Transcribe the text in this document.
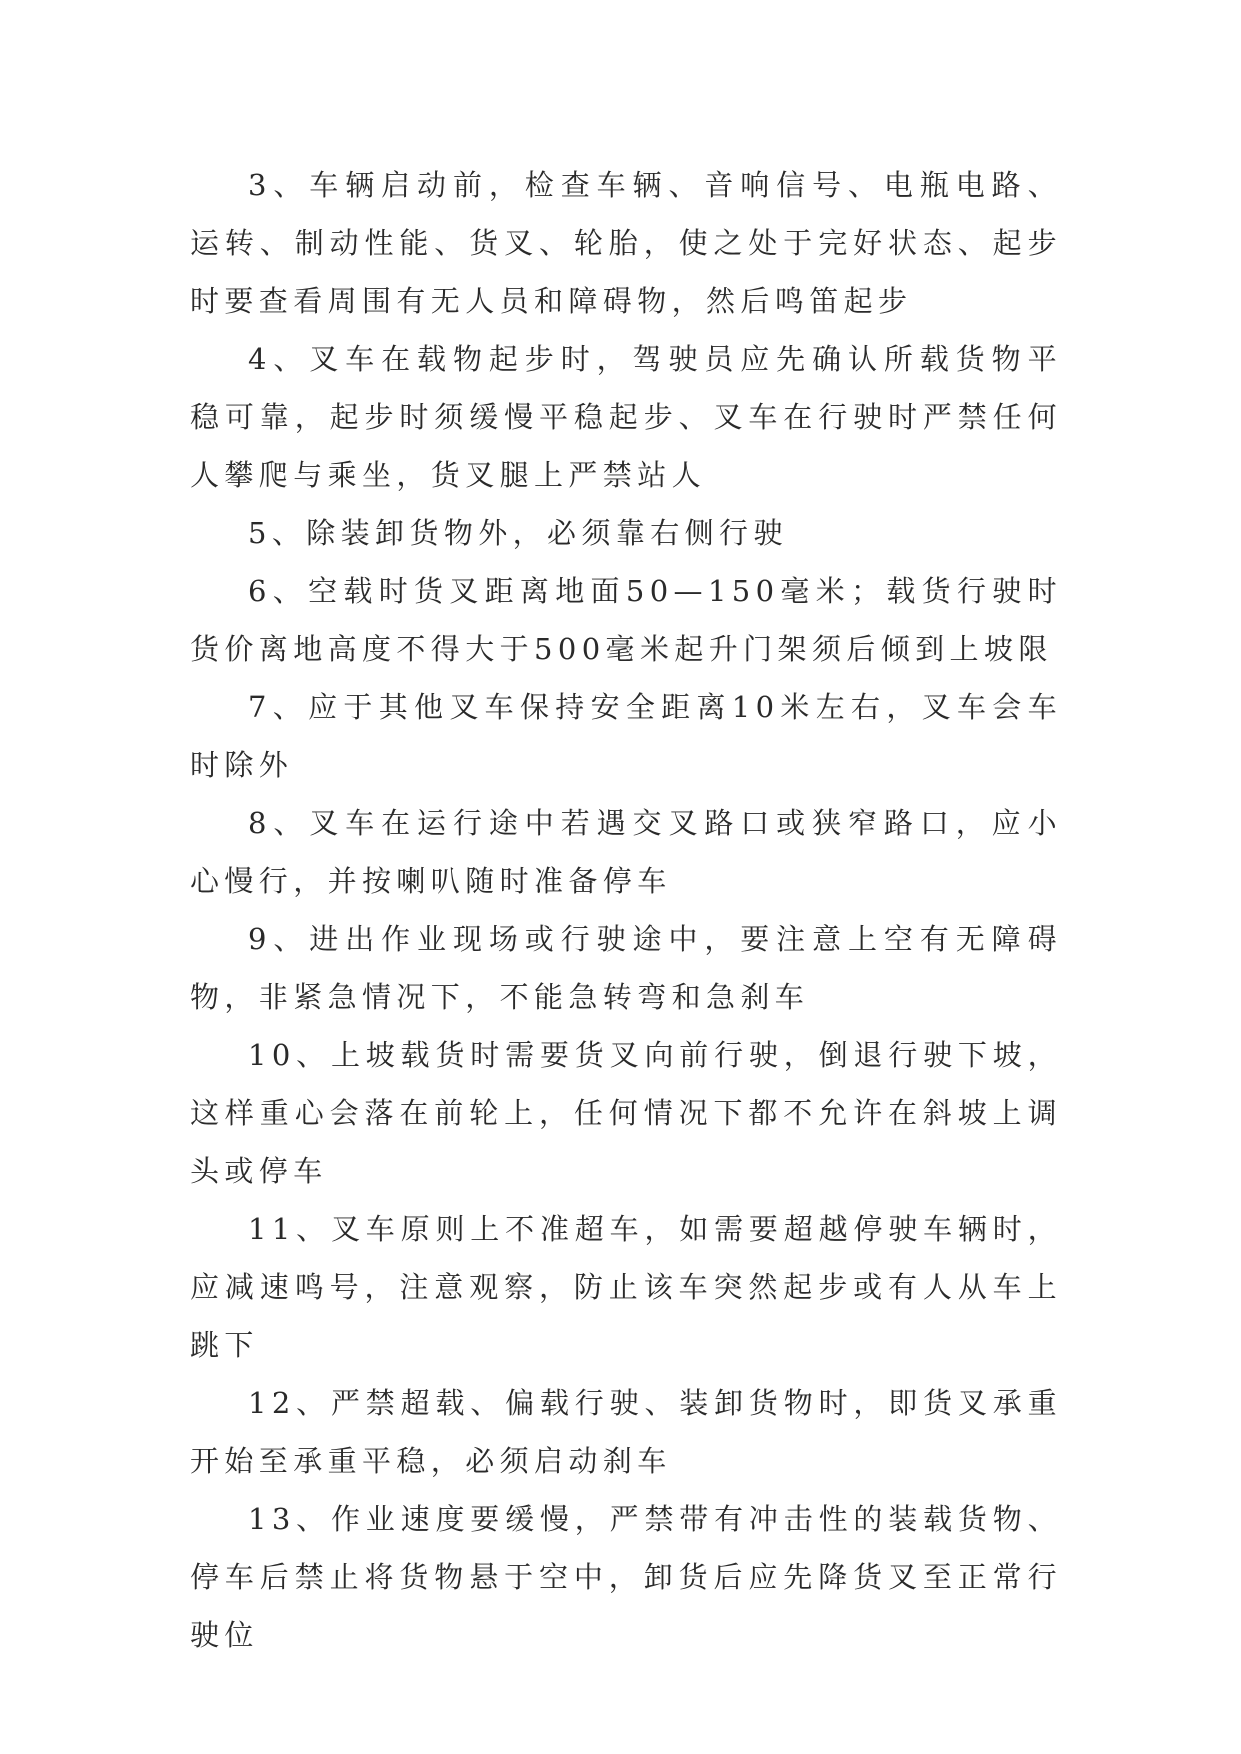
3、车辆启动前，检查车辆、音响信号、电瓶电路、运转、制动性能、货叉、轮胎，使之处于完好状态、起步时要查看周围有无人员和障碍物，然后鸣笛起步

4、叉车在载物起步时，驾驶员应先确认所载货物平稳可靠，起步时须缓慢平稳起步、叉车在行驶时严禁任何人攀爬与乘坐，货叉腿上严禁站人

5、除装卸货物外，必须靠右侧行驶

6、空载时货叉距离地面50—150毫米；载货行驶时货价离地高度不得大于500毫米起升门架须后倾到上坡限

7、应于其他叉车保持安全距离10米左右，叉车会车时除外

8、叉车在运行途中若遇交叉路口或狭窄路口，应小心慢行，并按喇叭随时准备停车

9、进出作业现场或行驶途中，要注意上空有无障碍物，非紧急情况下，不能急转弯和急刹车

10、上坡载货时需要货叉向前行驶，倒退行驶下坡，这样重心会落在前轮上，任何情况下都不允许在斜坡上调头或停车

11、叉车原则上不准超车，如需要超越停驶车辆时，应减速鸣号，注意观察，防止该车突然起步或有人从车上跳下

12、严禁超载、偏载行驶、装卸货物时，即货叉承重开始至承重平稳，必须启动刹车

13、作业速度要缓慢，严禁带有冲击性的装载货物、停车后禁止将货物悬于空中，卸货后应先降货叉至正常行驶位
